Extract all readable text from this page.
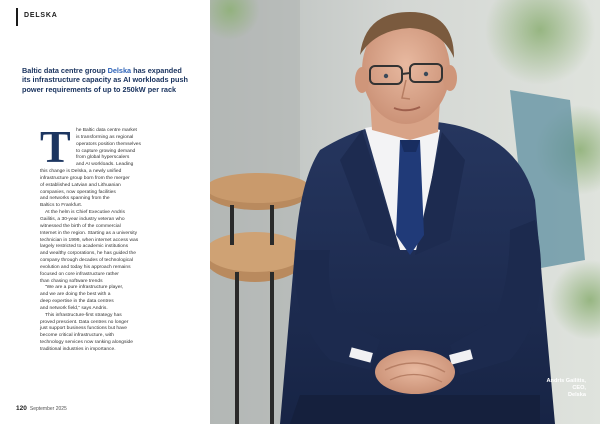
DELSKA
Baltic data centre group Delska has expanded its infrastructure capacity as AI workloads push power requirements of up to 250kW per rack
T	he Baltic data centre market
is transforming as regional
operators position themselves
to capture growing demand
from global hyperscalers
and AI workloads. Leading
this change is Delska, a newly unified
infrastructure group born from the merger
of established Latvian and Lithuanian
companies, now operating facilities
and networks spanning from the
Baltics to Frankfurt.
At the helm is Chief Executive Andris
Gailitis, a 30-year industry veteran who
witnessed the birth of the commercial
Internet in the region. Starting as a university
technician in 1999, when internet access was
largely restricted to academic institutions
and wealthy corporations, he has guided the
company through decades of technological
evolution and today his approach remains
focused on core infrastructure rather
than chasing software trends
“We are a pure infrastructure player,
and we are doing the best with a
deep expertise in the data centres
and network field,” says Andris.
This infrastructure-first strategy has
proved prescient. Data centres no longer
just support business functions but have
become critical infrastructure, with
technology services now ranking alongside
traditional industries in importance.
120 September 2025
Andris Gailitis,
CEO,
Delska
